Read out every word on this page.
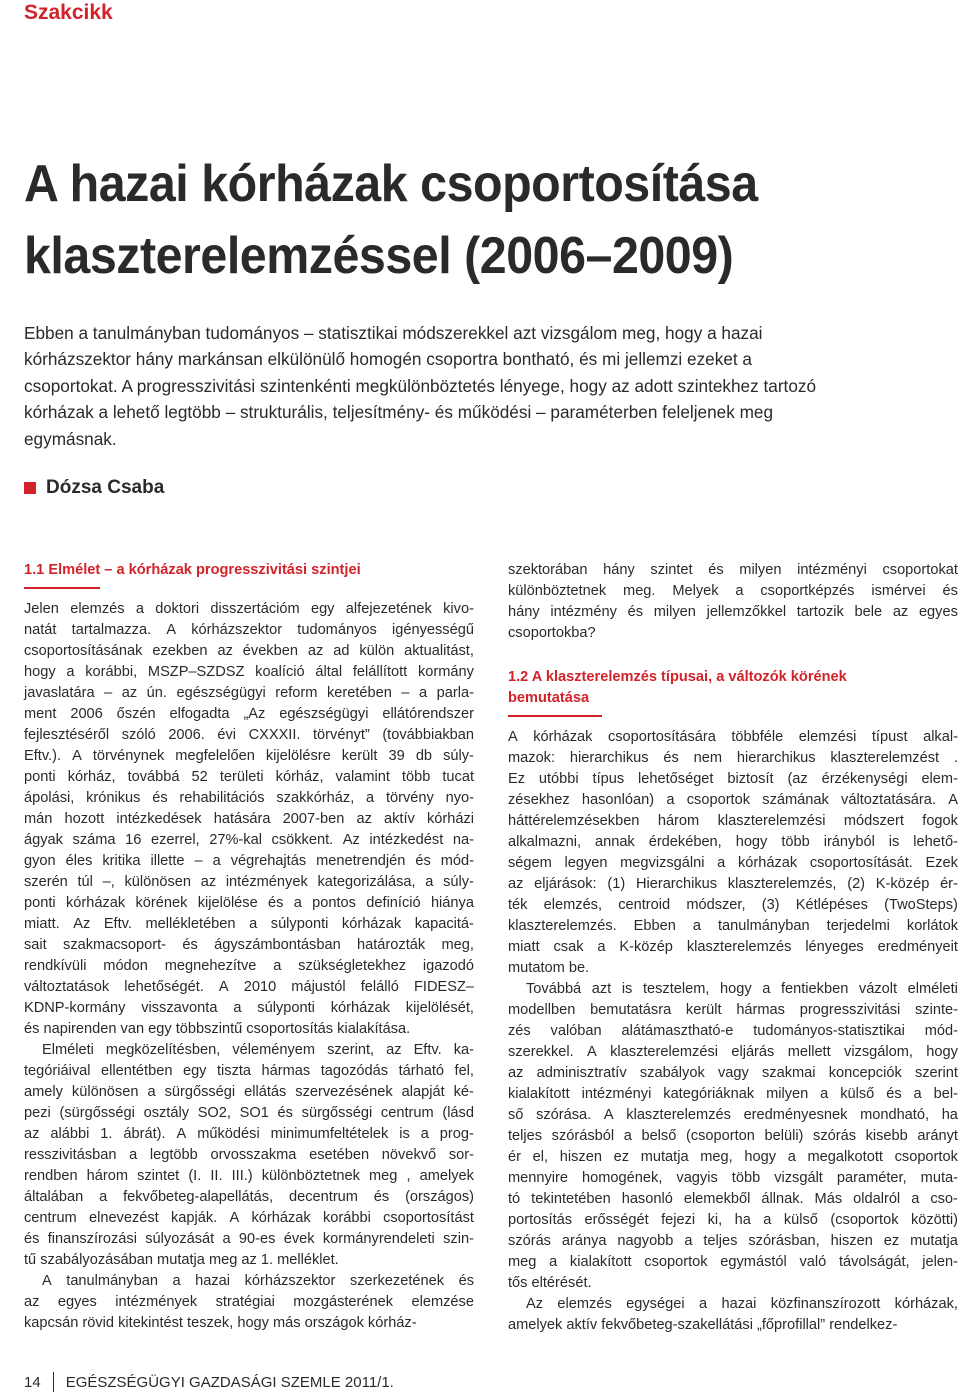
Szakcikk
A hazai kórházak csoportosítása
klaszterelemzéssel (2006–2009)
Ebben a tanulmányban tudományos – statisztikai módszerekkel azt vizsgálom meg, hogy a hazai
kórházszektor hány markánsan elkülönülő homogén csoportra bontható, és mi jellemzi ezeket a
csoportokat. A progresszivitási szintenkénti megkülönböztetés lényege, hogy az adott szintekhez tartozó
kórházak a lehető legtöbb – strukturális, teljesítmény- és működési – paraméterben feleljenek meg
egymásnak.
Dózsa Csaba
1.1 Elmélet – a kórházak progresszivitási szintjei
Jelen elemzés a doktori disszertációm egy alfejezetének kivo-
natát tartalmazza. A kórházszektor tudományos igényességű
csoportosításának ezekben az években az ad külön aktualitást,
hogy a korábbi, MSZP–SZDSZ koalíció által felállított kormány
javaslatára – az ún. egészségügyi reform keretében – a parla-
ment 2006 őszén elfogadta „Az egészségügyi ellátórendszer
fejlesztéséről szóló 2006. évi CXXXII. törvényt” (továbbiakban
Eftv.). A törvénynek megfelelően kijelölésre került 39 db súly-
ponti kórház, továbbá 52 területi kórház, valamint több tucat
ápolási, krónikus és rehabilitációs szakkórház, a törvény nyo-
mán hozott intézkedések hatására 2007-ben az aktív kórházi
ágyak száma 16 ezerrel, 27%-kal csökkent. Az intézkedést na-
gyon éles kritika illette – a végrehajtás menetrendjén és mód-
szerén túl –, különösen az intézmények kategorizálása, a súly-
ponti kórházak körének kijelölése és a pontos definíció hiánya
miatt. Az Eftv. mellékletében a súlyponti kórházak kapacitá-
sait szakmacsoport- és ágyszámbontásban határozták meg,
rendkívüli módon megnehezítve a szükségletekhez igazodó
változtatások lehetőségét. A 2010 májustól felálló FIDESZ–
KDNP-kormány visszavonta a súlyponti kórházak kijelölését,
és napirenden van egy többszintű csoportosítás kialakítása.
Elméleti megközelítésben, véleményem szerint, az Eftv. ka-
tegóriáival ellentétben egy tiszta hármas tagozódás tárható fel,
amely különösen a sürgősségi ellátás szervezésének alapját ké-
pezi (sürgősségi osztály SO2, SO1 és sürgősségi centrum (lásd
az alábbi 1. ábrát). A működési minimumfeltételek is a prog-
resszivitásban a legtöbb orvosszakma esetében növekvő sor-
rendben három szintet (I. II. III.) különböztetnek meg , amelyek
általában a fekvőbeteg-alapellátás, decentrum és (országos)
centrum elnevezést kapják. A kórházak korábbi csoportosítást
és finanszírozási súlyozását a 90-es évek kormányrendeleti szin-
tű szabályozásában mutatja meg az 1. melléklet.
A tanulmányban a hazai kórházszektor szerkezetének és
az egyes intézmények stratégiai mozgásterének elemzése
kapcsán rövid kitekintést teszek, hogy más országok kórház-
szektorában hány szintet és milyen intézményi csoportokat
különböztetnek meg. Melyek a csoportképzés ismérvei és
hány intézmény és milyen jellemzőkkel tartozik bele az egyes
csoportokba?
1.2 A klaszterelemzés típusai, a változók körének
bemutatása
A kórházak csoportosítására többféle elemzési típust alkal-
mazok: hierarchikus és nem hierarchikus klaszterelemzést .
Ez utóbbi típus lehetőséget biztosít (az érzékenységi elem-
zésekhez hasonlóan) a csoportok számának változtatására. A
háttérelemzésekben három klaszterelemzési módszert fogok
alkalmazni, annak érdekében, hogy több irányból is lehető-
ségem legyen megvizsgálni a kórházak csoportosítását. Ezek
az eljárások: (1) Hierarchikus klaszterelemzés, (2) K-közép ér-
ték elemzés, centroid módszer, (3) Kétlépéses (TwoSteps)
klaszterelemzés. Ebben a tanulmányban terjedelmi korlátok
miatt csak a K-közép klaszterelemzés lényeges eredményeit
mutatom be.
Továbbá azt is tesztelem, hogy a fentiekben vázolt elméleti
modellben bemutatásra került hármas progresszivitási szinte-
zés valóban alátámasztható-e tudományos-statisztikai mód-
szerekkel. A klaszterelemzési eljárás mellett vizsgálom, hogy
az adminisztratív szabályok vagy szakmai koncepciók szerint
kialakított intézményi kategóriáknak milyen a külső és a bel-
ső szórása. A klaszterelemzés eredményesnek mondható, ha
teljes szórásból a belső (csoporton belüli) szórás kisebb arányt
ér el, hiszen ez mutatja meg, hogy a megalkotott csoportok
mennyire homogének, vagyis több vizsgált paraméter, muta-
tó tekintetében hasonló elemekből állnak. Más oldalról a cso-
portosítás erősségét fejezi ki, ha a külső (csoportok közötti)
szórás aránya nagyobb a teljes szórásban, hiszen ez mutatja
meg a kialakított csoportok egymástól való távolságát, jelen-
tős eltérését.
Az elemzés egységei a hazai közfinanszírozott kórházak,
amelyek aktív fekvőbeteg-szakellátási „főprofillal” rendelkez-
14 EGÉSZSÉGÜGYI GAZDASÁGI SZEMLE 2011/1.
